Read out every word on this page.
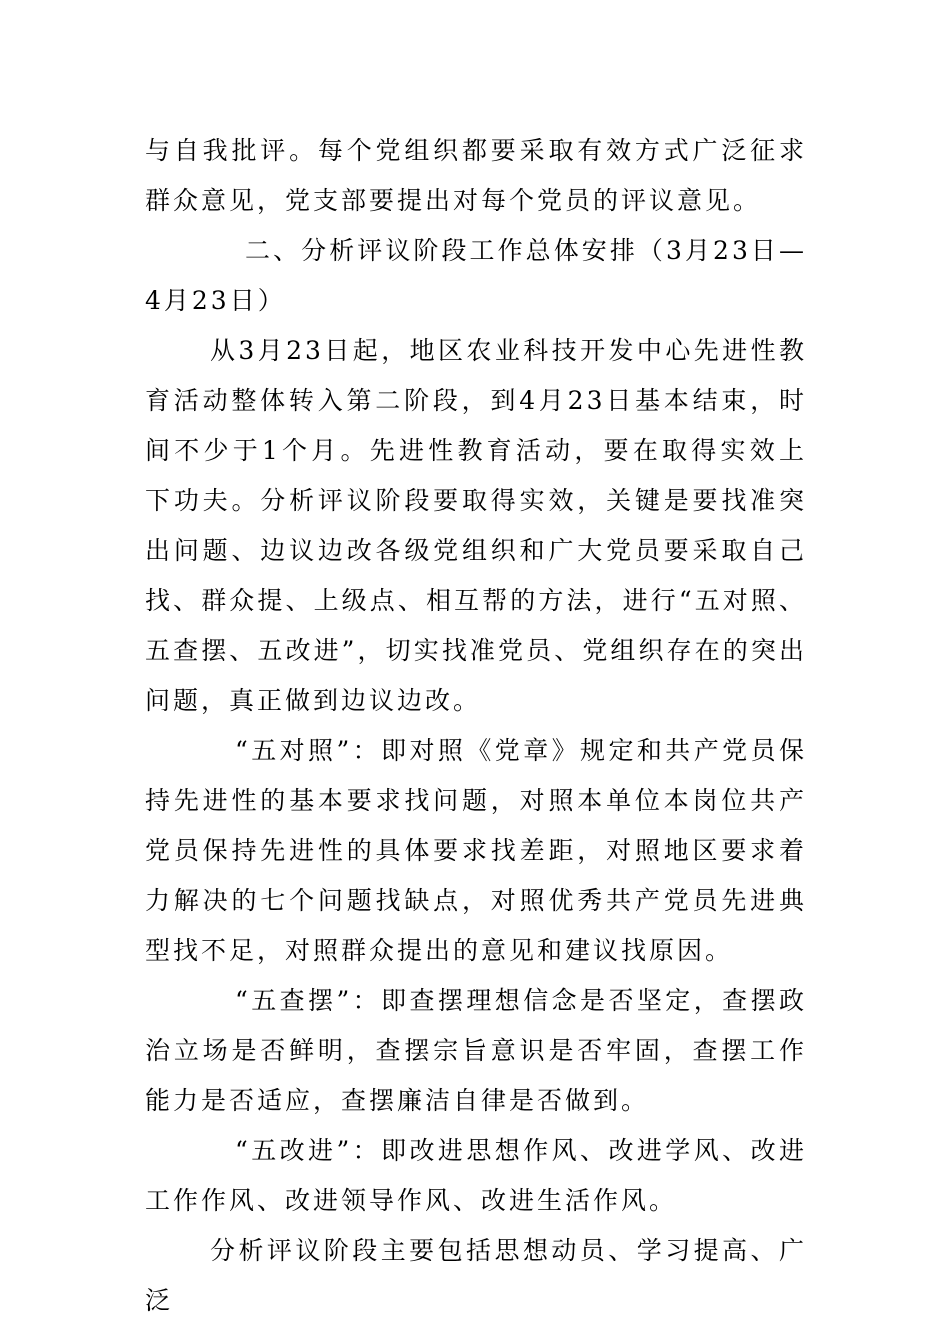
与自我批评。每个党组织都要采取有效方式广泛征求群众意见，党支部要提出对每个党员的评议意见。

二、分析评议阶段工作总体安排（3月23日—4月23日）

从3月23日起，地区农业科技开发中心先进性教育活动整体转入第二阶段，到4月23日基本结束，时间不少于1个月。先进性教育活动，要在取得实效上下功夫。分析评议阶段要取得实效，关键是要找准突出问题、边议边改各级党组织和广大党员要采取自己找、群众提、上级点、相互帮的方法，进行“五对照、五查摆、五改进”，切实找准党员、党组织存在的突出问题，真正做到边议边改。

“五对照”：即对照《党章》规定和共产党员保持先进性的基本要求找问题，对照本单位本岗位共产党员保持先进性的具体要求找差距，对照地区要求着力解决的七个问题找缺点，对照优秀共产党员先进典型找不足，对照群众提出的意见和建议找原因。

“五查摆”：即查摆理想信念是否坚定，查摆政治立场是否鲜明，查摆宗旨意识是否牢固，查摆工作能力是否适应，查摆廉洁自律是否做到。

“五改进”：即改进思想作风、改进学风、改进工作作风、改进领导作风、改进生活作风。

分析评议阶段主要包括思想动员、学习提高、广泛
